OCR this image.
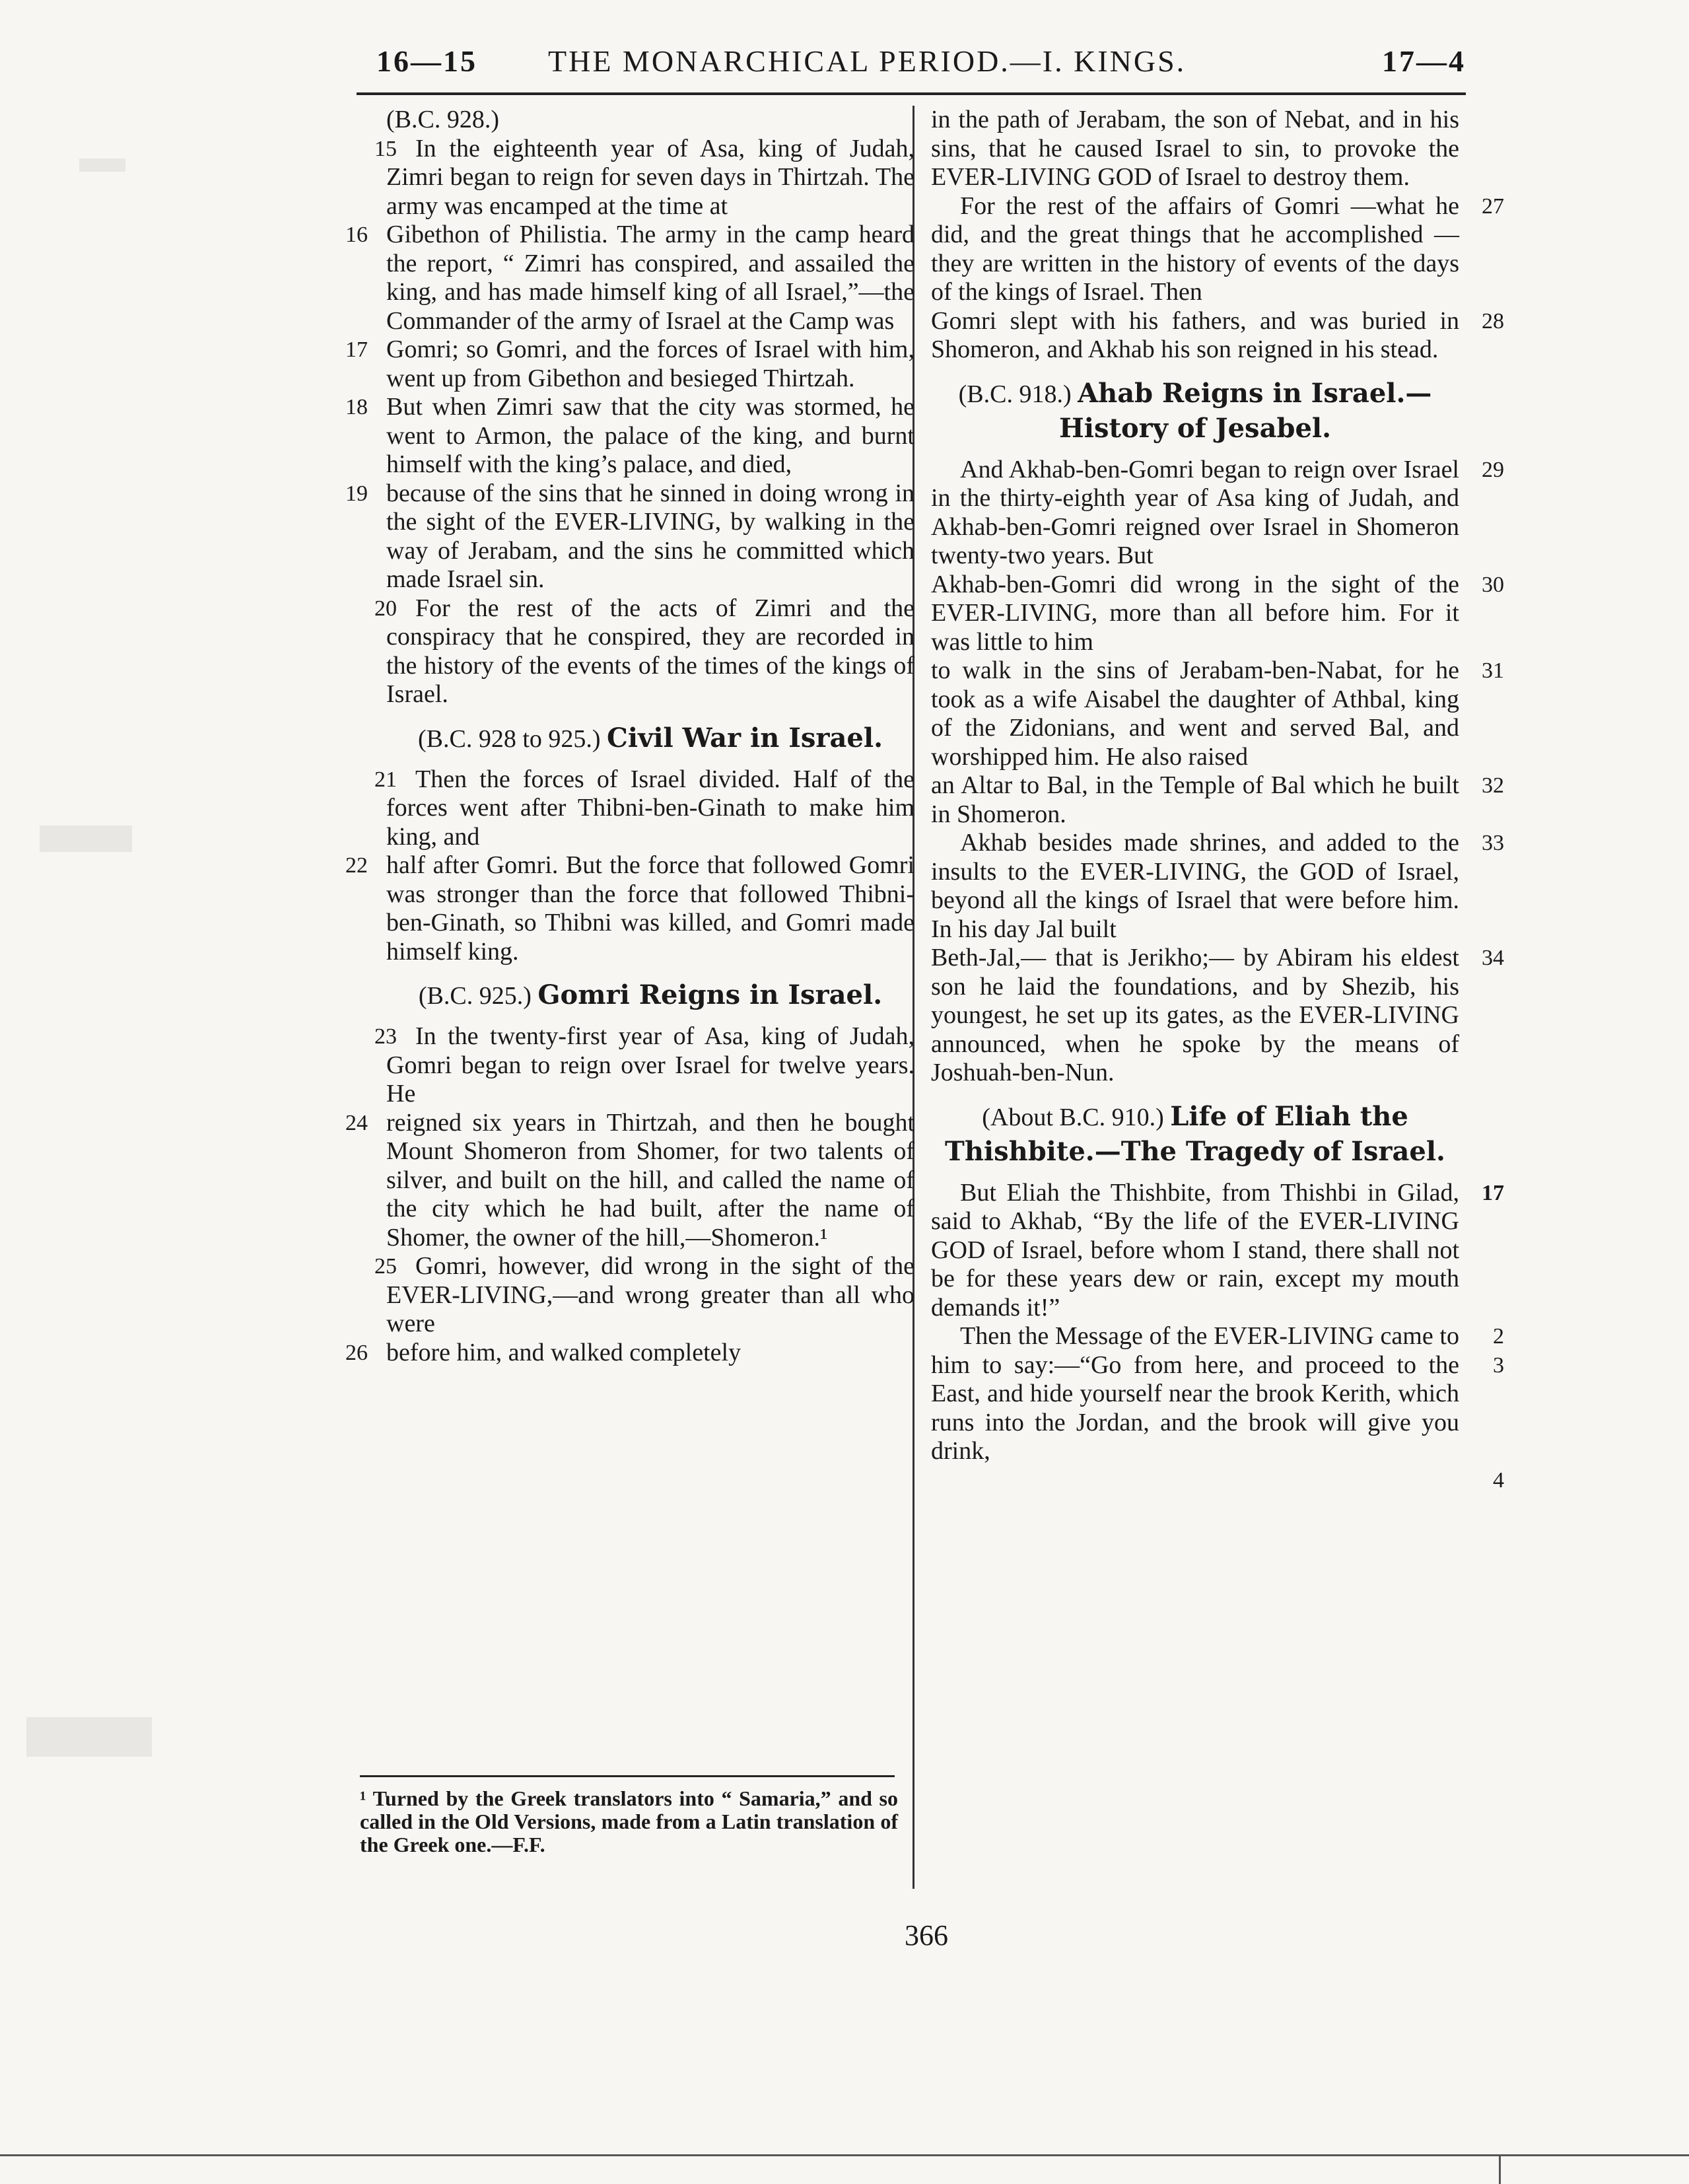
16—15 THE MONARCHICAL PERIOD.—I. KINGS.	17—4

(B.C. 928.)

15 In the eighteenth year of Asa, king of Judah, Zimri began to reign for seven days in Thirtzah. The army was encamped at the time at

16 Gibethon of Philistia. The army in the camp heard the report, “ Zimri has conspired, and assailed the king, and has made himself king of all Israel,”—the Commander of the army of Israel at the Camp was

17 Gomri; so Gomri, and the forces of Israel with him, went up from Gibethon and besieged Thirtzah.

18 But when Zimri saw that the city was stormed, he went to Armon, the palace of the king, and burnt himself with the king’s palace, and died,

19 because of the sins that he sinned in doing wrong in the sight of the EVER-LIVING, by walking in the way of Jerabam, and the sins he committed which made Israel sin.

20 For the rest of the acts of Zimri and the conspiracy that he conspired, they are recorded in the history of the events of the times of the kings of Israel.

(B.C. 928 to 925.) Civil War in Israel.

21 Then the forces of Israel divided. Half of the forces went after Thibni-ben-Ginath to make him king, and

22 half after Gomri. But the force that followed Gomri was stronger than the force that followed Thibni-ben-Ginath, so Thibni was killed, and Gomri made himself king.

(B.C. 925.) Gomri Reigns in Israel.

23 In the twenty-first year of Asa, king of Judah, Gomri began to reign over Israel for twelve years. He

24 reigned six years in Thirtzah, and then he bought Mount Shomeron from Shomer, for two talents of silver, and built on the hill, and called the name of the city which he had built, after the name of Shomer, the owner of the hill,—Shomeron.¹

25 Gomri, however, did wrong in the sight of the EVER-LIVING,—and wrong greater than all who were

26 before him, and walked completely

in the path of Jerabam, the son of Nebat, and in his sins, that he caused Israel to sin, to provoke the EVER-LIVING GOD of Israel to destroy them.

27
For the rest of the affairs of Gomri —what he did, and the great things that he accomplished — they are written in the history of events of the days of the kings of Israel. Then

28
Gomri slept with his fathers, and was buried in Shomeron, and Akhab his son reigned in his stead.

(B.C. 918.) Ahab Reigns in Israel.—History of Jesabel.

29
And Akhab-ben-Gomri began to reign over Israel in the thirty-eighth year of Asa king of Judah, and Akhab-ben-Gomri reigned over Israel in Shomeron twenty-two years. But

30
Akhab-ben-Gomri did wrong in the sight of the EVER-LIVING, more than all before him. For it was little to him

31
to walk in the sins of Jerabam-ben-Nabat, for he took as a wife Aisabel the daughter of Athbal, king of the Zidonians, and went and served Bal, and worshipped him. He also raised

32
an Altar to Bal, in the Temple of Bal which he built in Shomeron.

33
Akhab besides made shrines, and added to the insults to the EVER-LIVING, the GOD of Israel, beyond all the kings of Israel that were before him. In his day Jal built

34
Beth-Jal,— that is Jerikho;— by Abiram his eldest son he laid the foundations, and by Shezib, his youngest, he set up its gates, as the EVER-LIVING announced, when he spoke by the means of Joshuah-ben-Nun.

(About B.C. 910.) Life of Eliah the Thishbite.—The Tragedy of Israel.

17
But Eliah the Thishbite, from Thishbi in Gilad, said to Akhab, “By the life of the EVER-LIVING GOD of Israel, before whom I stand, there shall not be for these years dew or rain, except my mouth demands it!”

2
3
4
Then the Message of the EVER-LIVING came to him to say:—“Go from here, and proceed to the East, and hide yourself near the brook Kerith, which runs into the Jordan, and the brook will give you drink,

¹ Turned by the Greek translators into “ Samaria,” and so called in the Old Versions, made from a Latin translation of the Greek one.—F.F.
366
